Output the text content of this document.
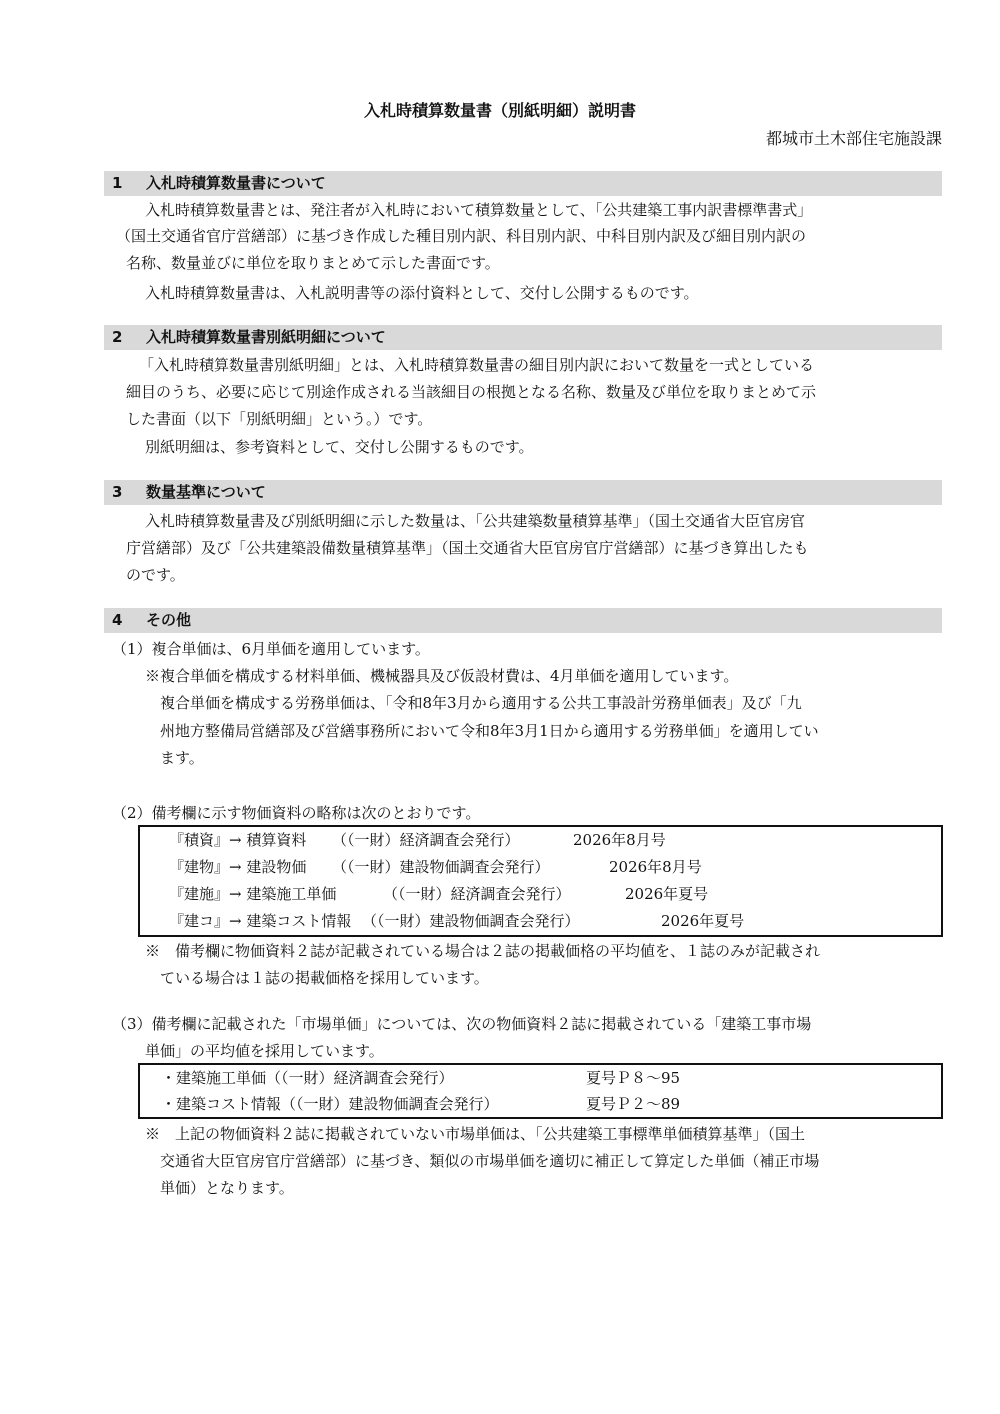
入札時積算数量書（別紙明細）説明書
都城市土木部住宅施設課
1 入札時積算数量書について
入札時積算数量書とは、発注者が入札時において積算数量として、「公共建築工事内訳書標準書式」
（国土交通省官庁営繕部）に基づき作成した種目別内訳、科目別内訳、中科目別内訳及び細目別内訳の
名称、数量並びに単位を取りまとめて示した書面です。
入札時積算数量書は、入札説明書等の添付資料として、交付し公開するものです。
2 入札時積算数量書別紙明細について
「入札時積算数量書別紙明細」とは、入札時積算数量書の細目別内訳において数量を一式としている
細目のうち、必要に応じて別途作成される当該細目の根拠となる名称、数量及び単位を取りまとめて示
した書面（以下「別紙明細」という。）です。
別紙明細は、参考資料として、交付し公開するものです。
3 数量基準について
入札時積算数量書及び別紙明細に示した数量は、「公共建築数量積算基準」（国土交通省大臣官房官
庁営繕部）及び「公共建築設備数量積算基準」（国土交通省大臣官房官庁営繕部）に基づき算出したも
のです。
4 その他
（1）複合単価は、6月単価を適用しています。
※複合単価を構成する材料単価、機械器具及び仮設材費は、4月単価を適用しています。
複合単価を構成する労務単価は、「令和8年3月から適用する公共工事設計労務単価表」及び「九
州地方整備局営繕部及び営繕事務所において令和8年3月1日から適用する労務単価」を適用してい
ます。
（2）備考欄に示す物価資料の略称は次のとおりです。
『積資』→ 積算資料 （（一財）経済調査会発行）	2026年8月号
『建物』→ 建設物価 （（一財）建設物価調査会発行）	2026年8月号
『建施』→ 建築施工単価	（（一財）経済調査会発行）	2026年夏号
『建コ』→ 建築コスト情報 （（一財）建設物価調査会発行）	2026年夏号
※　備考欄に物価資料２誌が記載されている場合は２誌の掲載価格の平均値を、１誌のみが記載され
ている場合は１誌の掲載価格を採用しています。
（3）備考欄に記載された「市場単価」については、次の物価資料２誌に掲載されている「建築工事市場
単価」の平均値を採用しています。
・建築施工単価（（一財）経済調査会発行）	夏号Ｐ８～95
・建築コスト情報（（一財）建設物価調査会発行）	夏号Ｐ２～89
※　上記の物価資料２誌に掲載されていない市場単価は、「公共建築工事標準単価積算基準」（国土
交通省大臣官房官庁営繕部）に基づき、類似の市場単価を適切に補正して算定した単価（補正市場
単価）となります。
